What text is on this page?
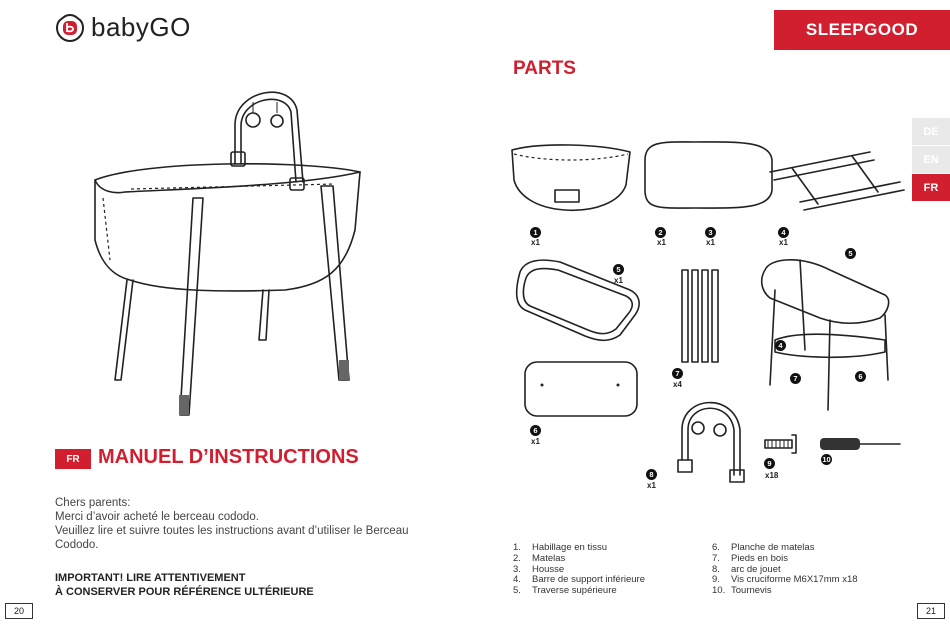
babyGO
FR MANUEL D’INSTRUCTIONS
Chers parents:
Merci d’avoir acheté le berceau cododo.
Veuillez lire et suivre toutes les instructions avant d’utiliser le Berceau
Cododo.
IMPORTANT! LIRE ATTENTIVEMENT
À CONSERVER POUR RÉFÉRENCE ULTÉRIEURE
20
SLEEPGOOD
PARTS
DE
EN
FR
1
x1
2
x1
3
x1
4
x1
5
x1
6
x1
7
x4
8
x1
9
x18
10
5
4
7	6
1.	Habillage en tissu
2.	Matelas
3.	Housse
4.	Barre de support inférieure
5.	Traverse supérieure
6.	Planche de matelas
7.	Pieds en bois
8.	arc de jouet
9.	Vis cruciforme M6X17mm x18
10. Tournevis
21
